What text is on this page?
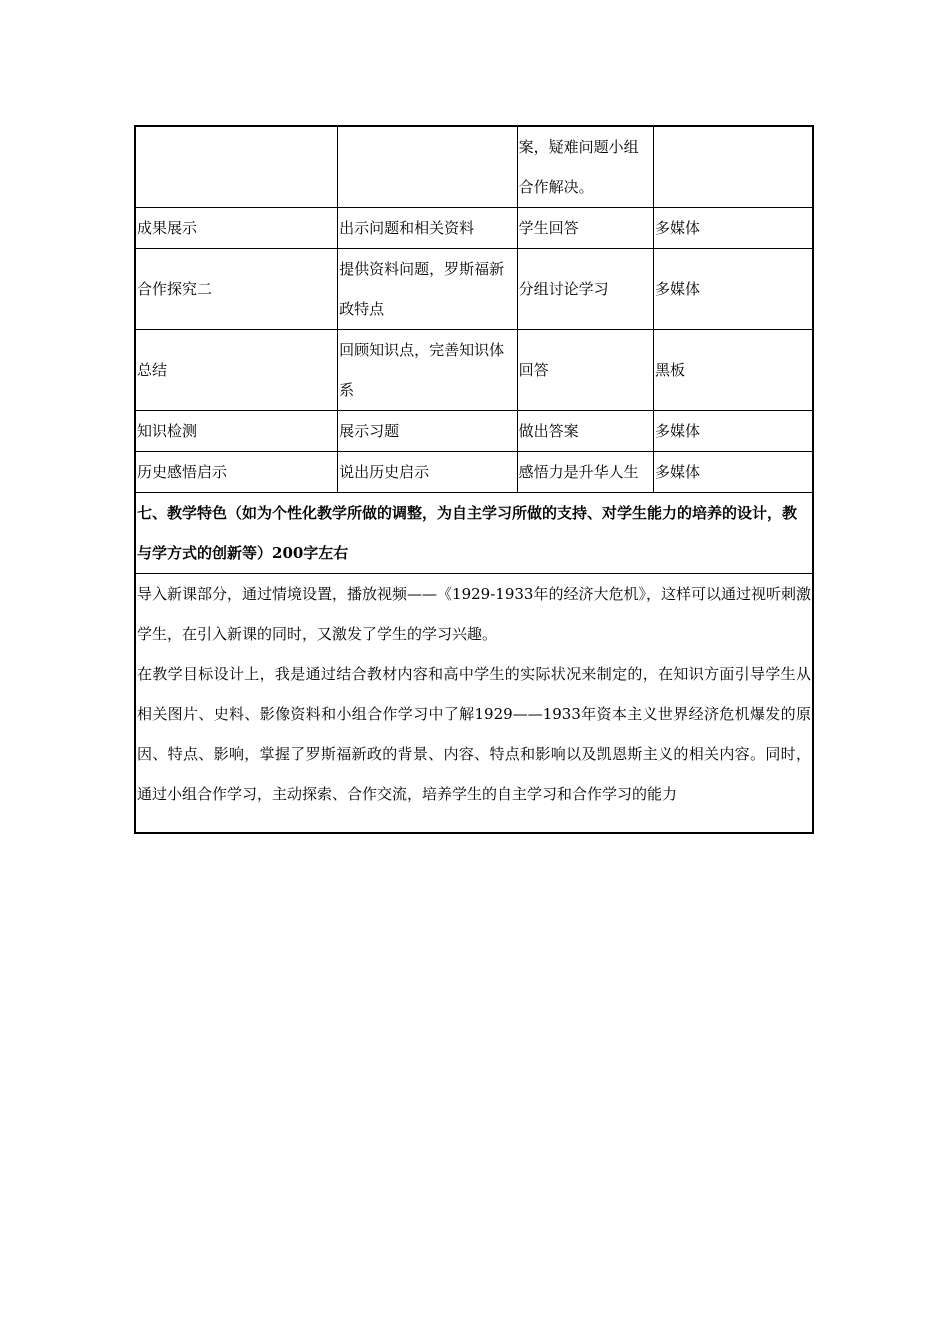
		案，疑难问题小组合作解决。	
成果展示	出示问题和相关资料	学生回答	多媒体
合作探究二	提供资料问题，罗斯福新政特点	分组讨论学习	多媒体
总结	回顾知识点，完善知识体系	回答	黑板
知识检测	展示习题	做出答案	多媒体
历史感悟启示	说出历史启示	感悟力是升华人生	多媒体
七、教学特色（如为个性化教学所做的调整，为自主学习所做的支持、对学生能力的培养的设计，教与学方式的创新等）200字左右			

导入新课部分，通过情境设置，播放视频——《1929-1933年的经济大危机》，这样可以通过视听刺激学生，在引入新课的同时，又激发了学生的学习兴趣。

在教学目标设计上，我是通过结合教材内容和高中学生的实际状况来制定的，在知识方面引导学生从相关图片、史料、影像资料和小组合作学习中了解1929——1933年资本主义世界经济危机爆发的原因、特点、影响，掌握了罗斯福新政的背景、内容、特点和影响以及凯恩斯主义的相关内容。同时，通过小组合作学习，主动探索、合作交流，培养学生的自主学习和合作学习的能力			
